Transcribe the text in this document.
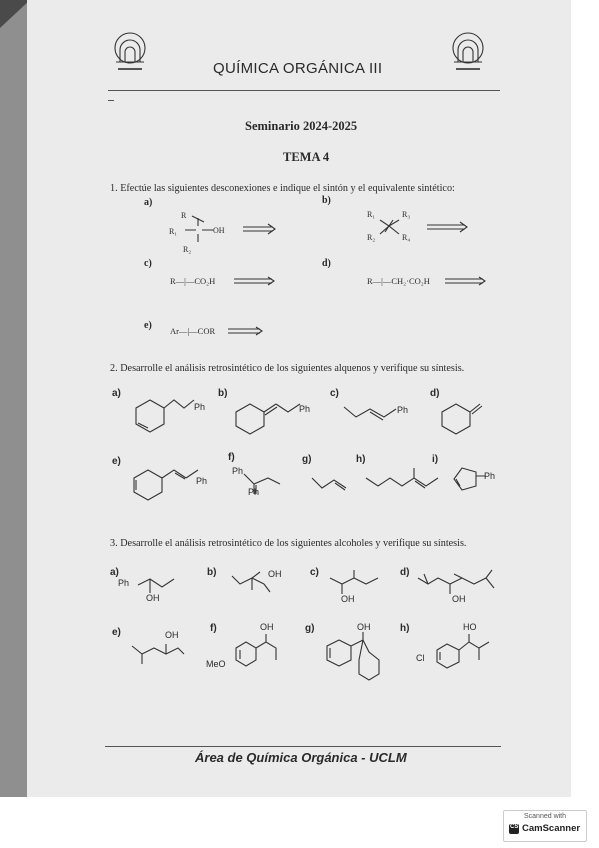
QUÍMICA ORGÁNICA III
Seminario 2024-2025
TEMA 4
1. Efectúe las siguientes desconexiones e indique el sintón y el equivalente sintético:
a)	b)
c)	d)
e)
R
R₁
R₂
OH
R₁	R₃
R₂	R₄
R—|—CO₂H	R—|—CH₂·CO₂H
Ar—|—COR
2. Desarrolle el análisis retrosintético de los siguientes alquenos y verifique su síntesis.
a)	b)	c)	d)
e)	f)	g)	h)	i)
Ph	Ph	Ph
Ph
Ph
Ph
Ph
3. Desarrolle el análisis retrosintético de los siguientes alcoholes y verifique su síntesis.
a)	b)	c)	d)
e)	f)	g)	h)
Ph
OH
OH
OH	OH
OH
OH
MeO
OH	HO
Cl
Área de Química Orgánica - UCLM
Scanned with
CS CamScanner
